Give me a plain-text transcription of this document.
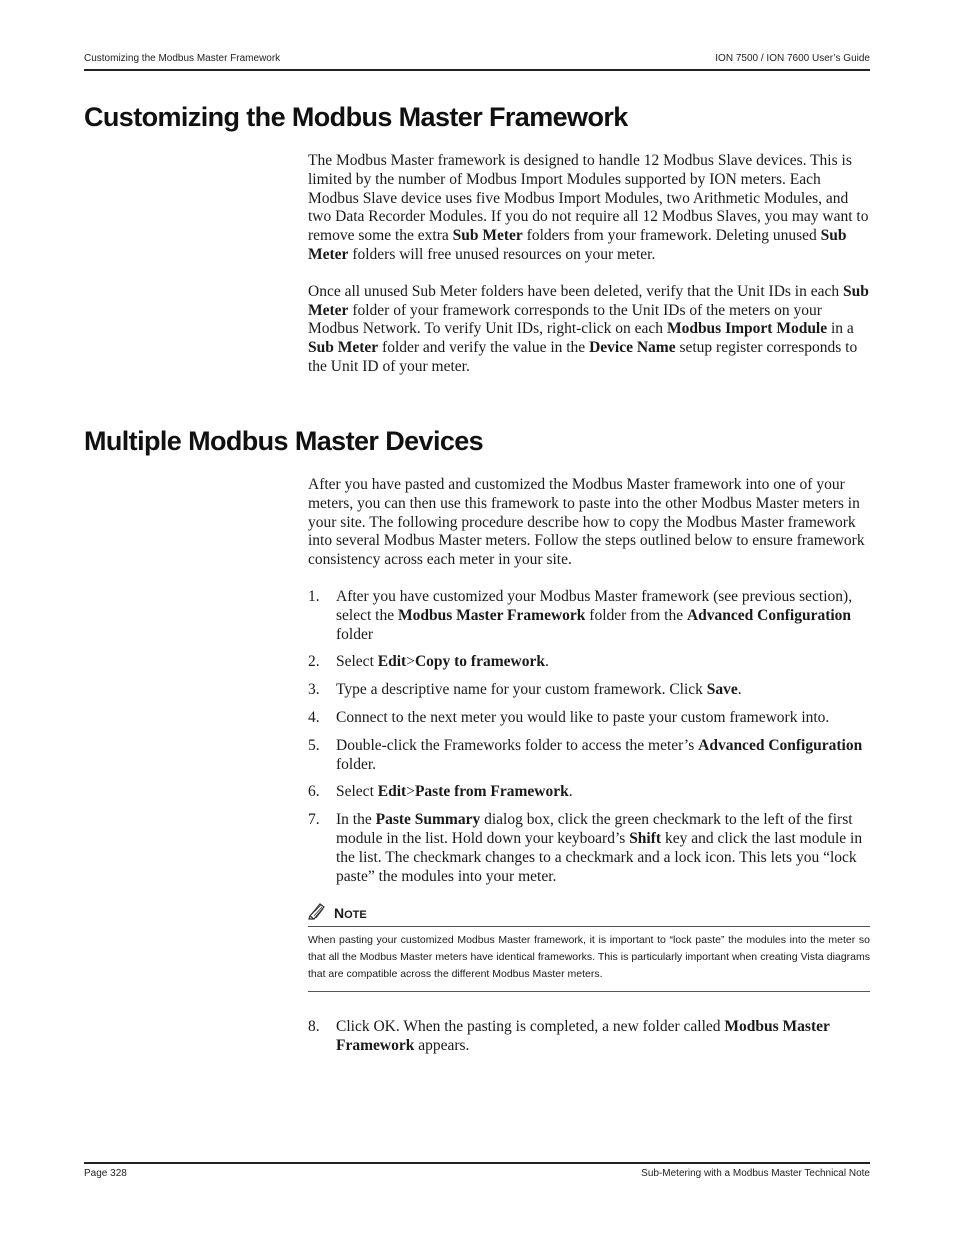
Customizing the Modbus Master Framework	ION 7500 / ION 7600 User’s Guide
Customizing the Modbus Master Framework

The Modbus Master framework is designed to handle 12 Modbus Slave devices. This is limited by the number of Modbus Import Modules supported by ION meters. Each Modbus Slave device uses five Modbus Import Modules, two Arithmetic Modules, and two Data Recorder Modules. If you do not require all 12 Modbus Slaves, you may want to remove some the extra Sub Meter folders from your framework. Deleting unused Sub Meter folders will free unused resources on your meter.

Once all unused Sub Meter folders have been deleted, verify that the Unit IDs in each Sub Meter folder of your framework corresponds to the Unit IDs of the meters on your Modbus Network. To verify Unit IDs, right-click on each Modbus Import Module in a Sub Meter folder and verify the value in the Device Name setup register corresponds to the Unit ID of your meter.

Multiple Modbus Master Devices

After you have pasted and customized the Modbus Master framework into one of your meters, you can then use this framework to paste into the other Modbus Master meters in your site. The following procedure describe how to copy the Modbus Master framework into several Modbus Master meters. Follow the steps outlined below to ensure framework consistency across each meter in your site.

1. After you have customized your Modbus Master framework (see previous section), select the Modbus Master Framework folder from the Advanced Configuration folder
2. Select Edit>Copy to framework.
3. Type a descriptive name for your custom framework. Click Save.
4. Connect to the next meter you would like to paste your custom framework into.
5. Double-click the Frameworks folder to access the meter’s Advanced Configuration folder.
6. Select Edit>Paste from Framework.
7. In the Paste Summary dialog box, click the green checkmark to the left of the first module in the list. Hold down your keyboard’s Shift key and click the last module in the list. The checkmark changes to a checkmark and a lock icon. This lets you “lock paste” the modules into your meter.
NOTE
When pasting your customized Modbus Master framework, it is important to “lock paste” the modules into the meter so that all the Modbus Master meters have identical frameworks. This is particularly important when creating Vista diagrams that are compatible across the different Modbus Master meters.
8. Click OK. When the pasting is completed, a new folder called Modbus Master Framework appears.
Page 328	Sub-Metering with a Modbus Master Technical Note
